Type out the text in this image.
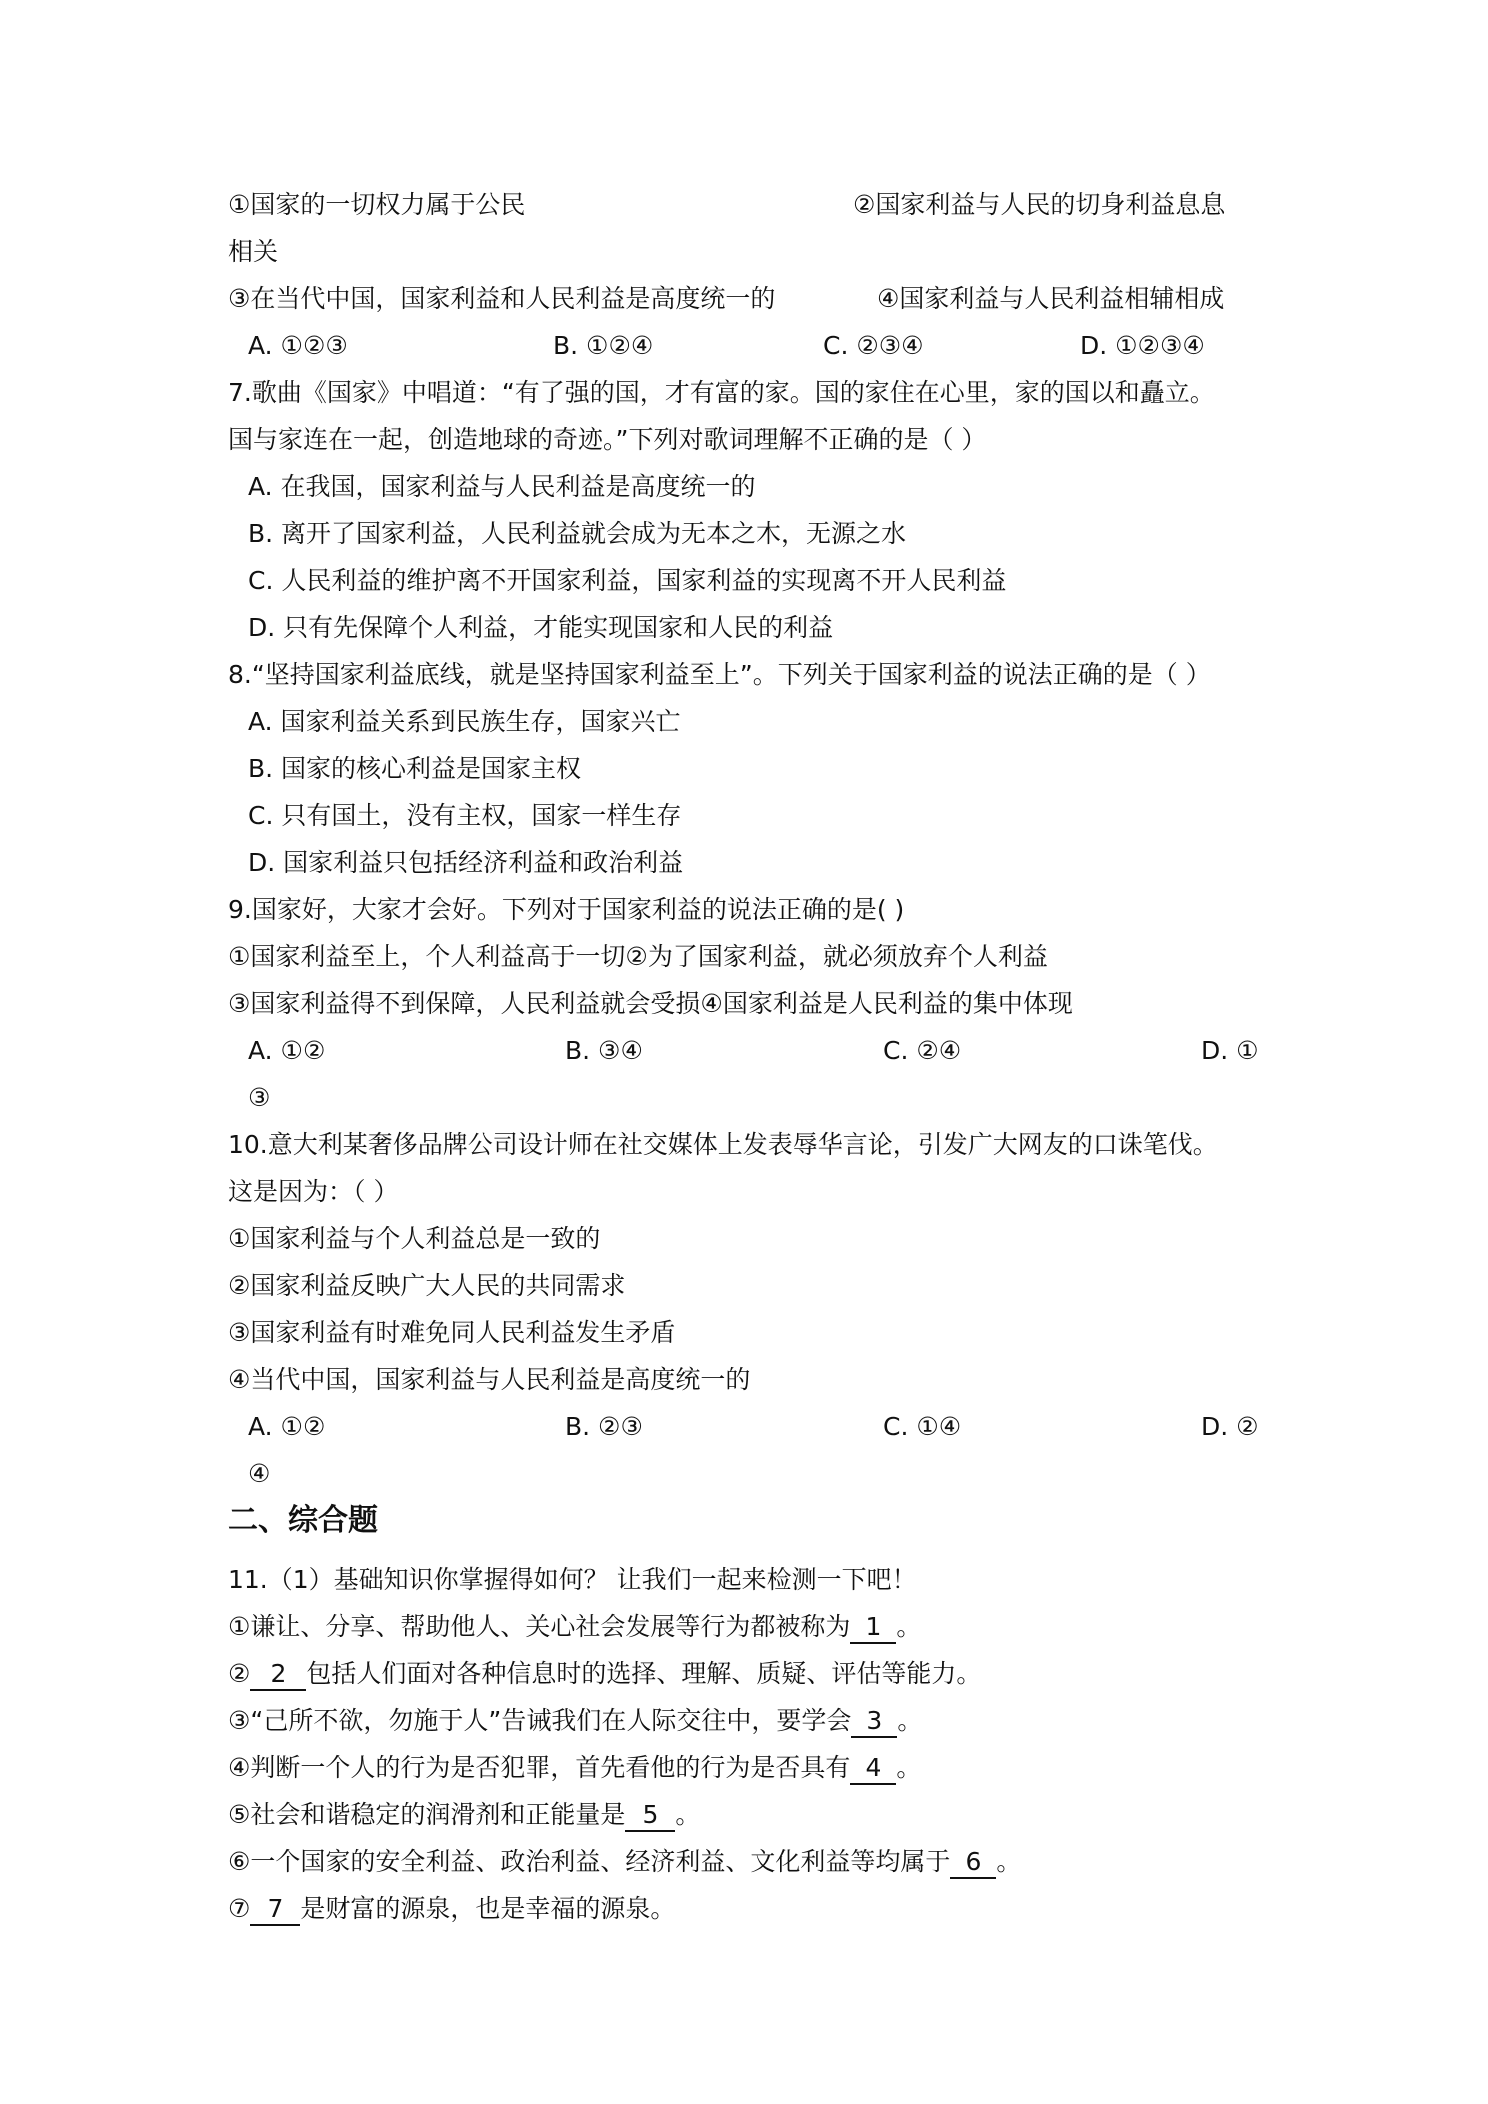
①国家的一切权力属于公民	②国家利益与人民的切身利益息息
相关
③在当代中国，国家利益和人民利益是高度统一的	④国家利益与人民利益相辅相成
A. ①②③	B. ①②④	C. ②③④	D. ①②③④
7.歌曲《国家》中唱道：“有了强的国，才有富的家。国的家住在心里，家的国以和矗立。
国与家连在一起，创造地球的奇迹。”下列对歌词理解不正确的是（ ）
A. 在我国，国家利益与人民利益是高度统一的
B. 离开了国家利益，人民利益就会成为无本之木，无源之水
C. 人民利益的维护离不开国家利益，国家利益的实现离不开人民利益
D. 只有先保障个人利益，才能实现国家和人民的利益
8.“坚持国家利益底线，就是坚持国家利益至上”。下列关于国家利益的说法正确的是（ ）
A. 国家利益关系到民族生存，国家兴亡
B. 国家的核心利益是国家主权
C. 只有国土，没有主权，国家一样生存
D. 国家利益只包括经济利益和政治利益
9.国家好，大家才会好。下列对于国家利益的说法正确的是( )
①国家利益至上，个人利益高于一切②为了国家利益，就必须放弃个人利益
③国家利益得不到保障，人民利益就会受损④国家利益是人民利益的集中体现
A. ①②	B. ③④	C. ②④	D. ①
③
10.意大利某奢侈品牌公司设计师在社交媒体上发表辱华言论，引发广大网友的口诛笔伐。
这是因为：（ ）
①国家利益与个人利益总是一致的
②国家利益反映广大人民的共同需求
③国家利益有时难免同人民利益发生矛盾
④当代中国，国家利益与人民利益是高度统一的
A. ①②	B. ②③	C. ①④	D. ②
④
二、综合题
11.（1）基础知识你掌握得如何？ 让我们一起来检测一下吧！
①谦让、分享、帮助他人、关心社会发展等行为都被称为 1 。
② 2 包括人们面对各种信息时的选择、理解、质疑、评估等能力。
③“己所不欲，勿施于人”告诫我们在人际交往中，要学会 3 。
④判断一个人的行为是否犯罪，首先看他的行为是否具有 4 。
⑤社会和谐稳定的润滑剂和正能量是 5 。
⑥一个国家的安全利益、政治利益、经济利益、文化利益等均属于 6 。
⑦ 7 是财富的源泉，也是幸福的源泉。
